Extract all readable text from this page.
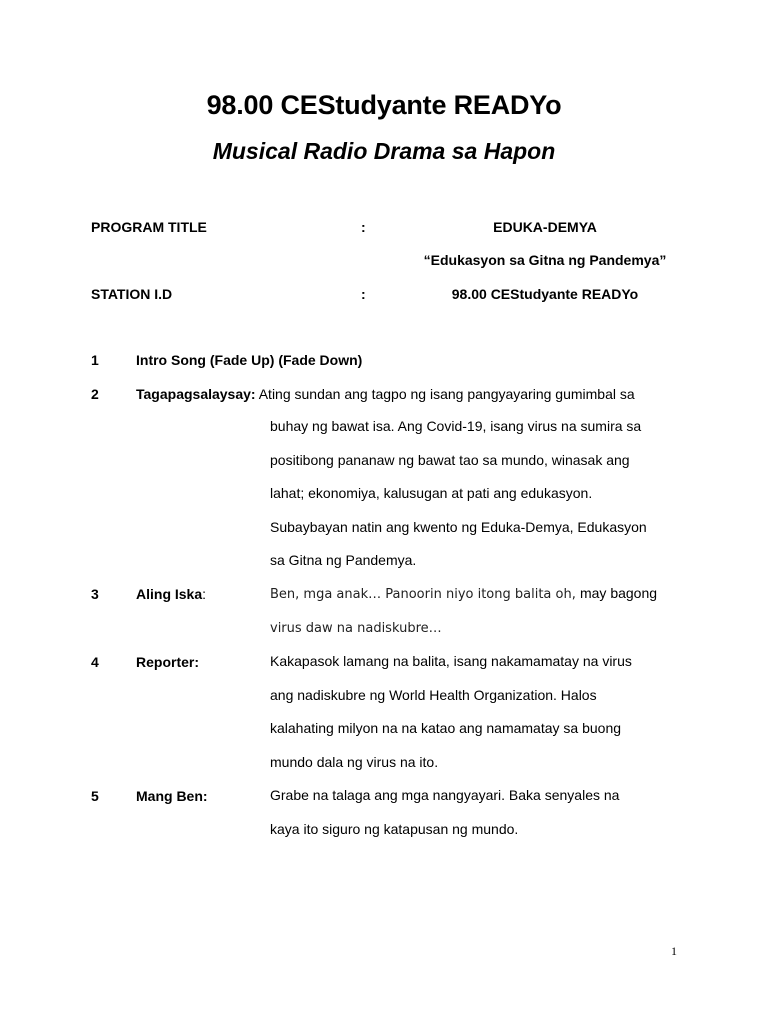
98.00 CEStudyante READYo
Musical Radio Drama sa Hapon
PROGRAM TITLE	:	EDUKA-DEMYA
“Edukasyon sa Gitna ng Pandemya”
STATION I.D	:	98.00 CEStudyante READYo
1	Intro Song (Fade Up) (Fade Down)
2	Tagapagsalaysay: Ating sundan ang tagpo ng isang pangyayaring gumimbal sa
buhay ng bawat isa. Ang Covid-19, isang virus na sumira sa
positibong pananaw ng bawat tao sa mundo, winasak ang
lahat; ekonomiya, kalusugan at pati ang edukasyon.
Subaybayan natin ang kwento ng Eduka-Demya, Edukasyon
sa Gitna ng Pandemya.
3	Aling Iska:	Ben, mga anak… Panoorin niyo itong balita oh, may bagong
virus daw na nadiskubre…
4	Reporter:	Kakapasok lamang na balita, isang nakamamatay na virus
ang nadiskubre ng World Health Organization. Halos
kalahating milyon na na katao ang namamatay sa buong
mundo dala ng virus na ito.
5	Mang Ben:	Grabe na talaga ang mga nangyayari. Baka senyales na
kaya ito siguro ng katapusan ng mundo.
1
